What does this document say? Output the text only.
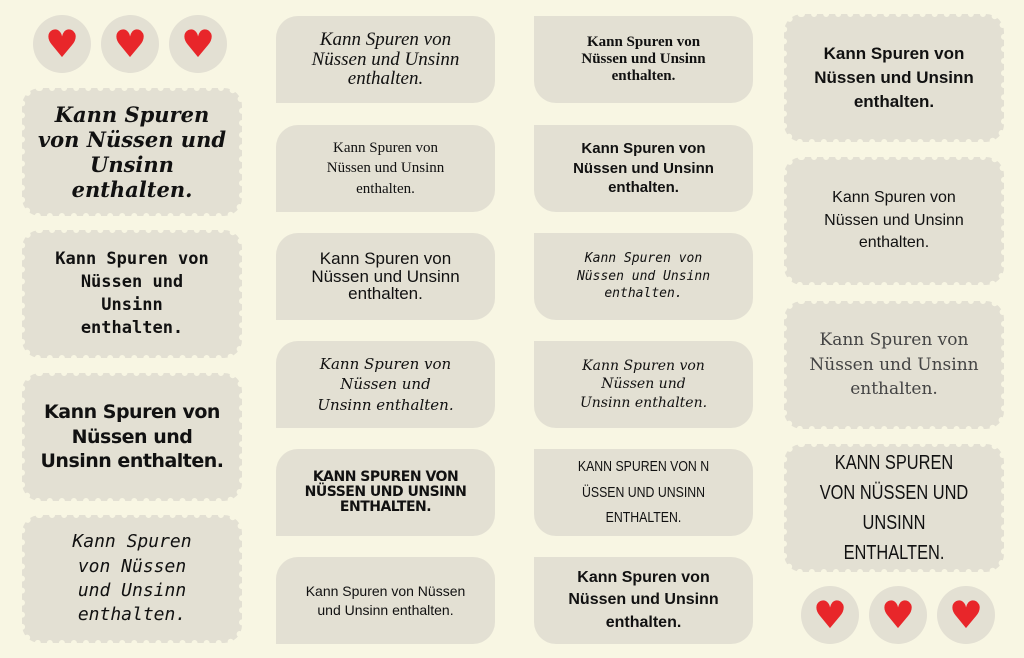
♥ ♥ ♥
♥ ♥ ♥
Kann Spuren von Nüssen und Unsinn enthalten.
Kann Spuren von Nüssen und Unsinn enthalten.
Kann Spuren von Nüssen und Unsinn enthalten.
Kann Spuren von Nüssen und Unsinn enthalten.
Kann Spuren von Nüssen und Unsinn enthalten.
Kann Spuren von Nüssen und Unsinn enthalten.
Kann Spuren von Nüssen und Unsinn enthalten.
Kann Spuren von Nüssen und Unsinn enthalten.
KANN SPUREN VON NÜSSEN UND UNSINN ENTHALTEN.
Kann Spuren von Nüssen und Unsinn enthalten.
Kann Spuren von Nüssen und Unsinn enthalten.
Kann Spuren von Nüssen und Unsinn enthalten.
Kann Spuren von Nüssen und Unsinn enthalten.
Kann Spuren von Nüssen und Unsinn enthalten.
KANN SPUREN VON N ÜSSEN UND UNSINN ENTHALTEN.
Kann Spuren von Nüssen und Unsinn enthalten.
Kann Spuren von Nüssen und Unsinn enthalten.
Kann Spuren von Nüssen und Unsinn enthalten.
Kann Spuren von Nüssen und Unsinn enthalten.
KANN SPUREN VON NÜSSEN UND UNSINN ENTHALTEN.
